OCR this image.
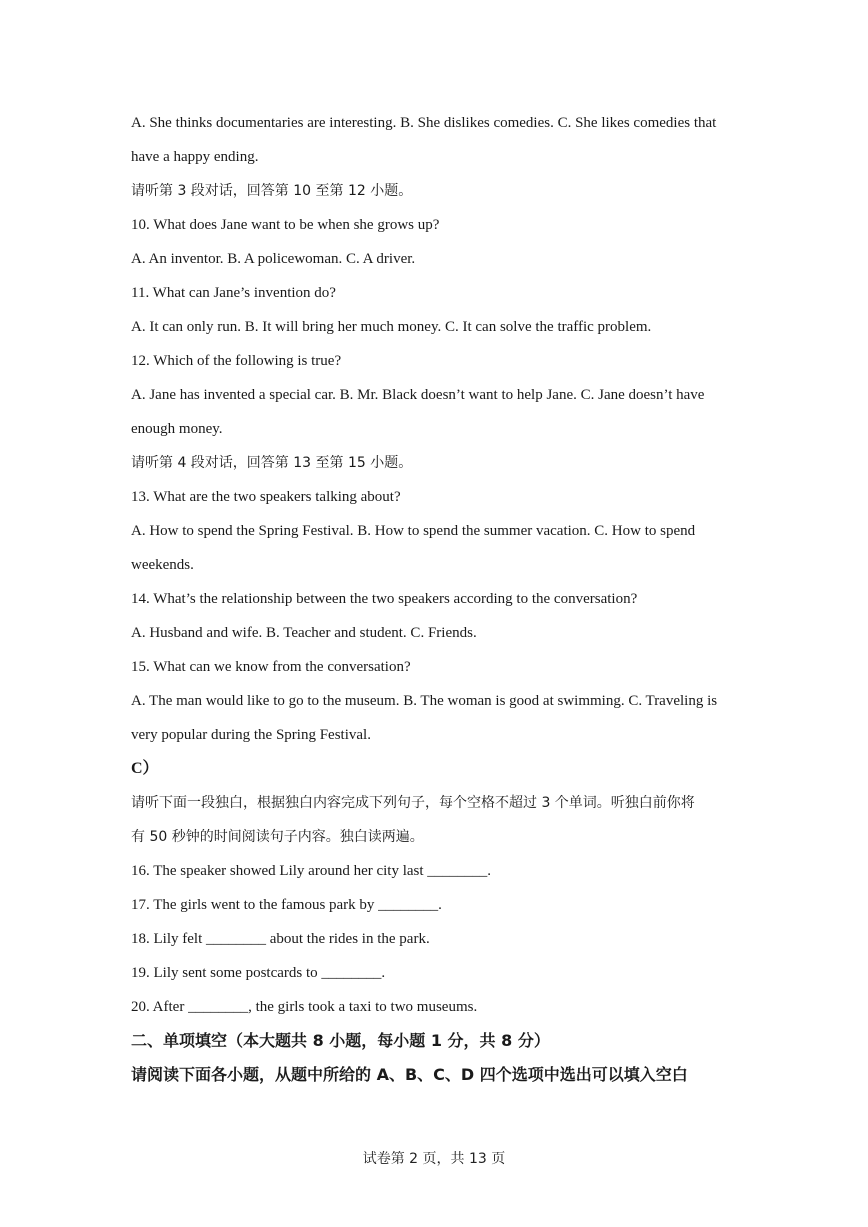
A. She thinks documentaries are interesting. B. She dislikes comedies. C. She likes comedies that
have a happy ending.
请听第 3 段对话，回答第 10 至第 12 小题。
10. What does Jane want to be when she grows up?
A. An inventor. B. A policewoman. C. A driver.
11. What can Jane’s invention do?
A. It can only run. B. It will bring her much money. C. It can solve the traffic problem.
12. Which of the following is true?
A. Jane has invented a special car. B. Mr. Black doesn’t want to help Jane. C. Jane doesn’t have
enough money.
请听第 4 段对话，回答第 13 至第 15 小题。
13. What are the two speakers talking about?
A. How to spend the Spring Festival. B. How to spend the summer vacation. C. How to spend
weekends.
14. What’s the relationship between the two speakers according to the conversation?
A. Husband and wife. B. Teacher and student. C. Friends.
15. What can we know from the conversation?
A. The man would like to go to the museum. B. The woman is good at swimming. C. Traveling is
very popular during the Spring Festival.
C）
请听下面一段独白，根据独白内容完成下列句子，每个空格不超过 3 个单词。听独白前你将
有 50 秒钟的时间阅读句子内容。独白读两遍。
16. The speaker showed Lily around her city last ________.
17. The girls went to the famous park by ________.
18. Lily felt ________ about the rides in the park.
19. Lily sent some postcards to ________.
20. After ________, the girls took a taxi to two museums.
二、单项填空（本大题共 8 小题，每小题 1 分，共 8 分）
请阅读下面各小题，从题中所给的 A、B、C、D 四个选项中选出可以填入空白
试卷第 2 页，共 13 页
